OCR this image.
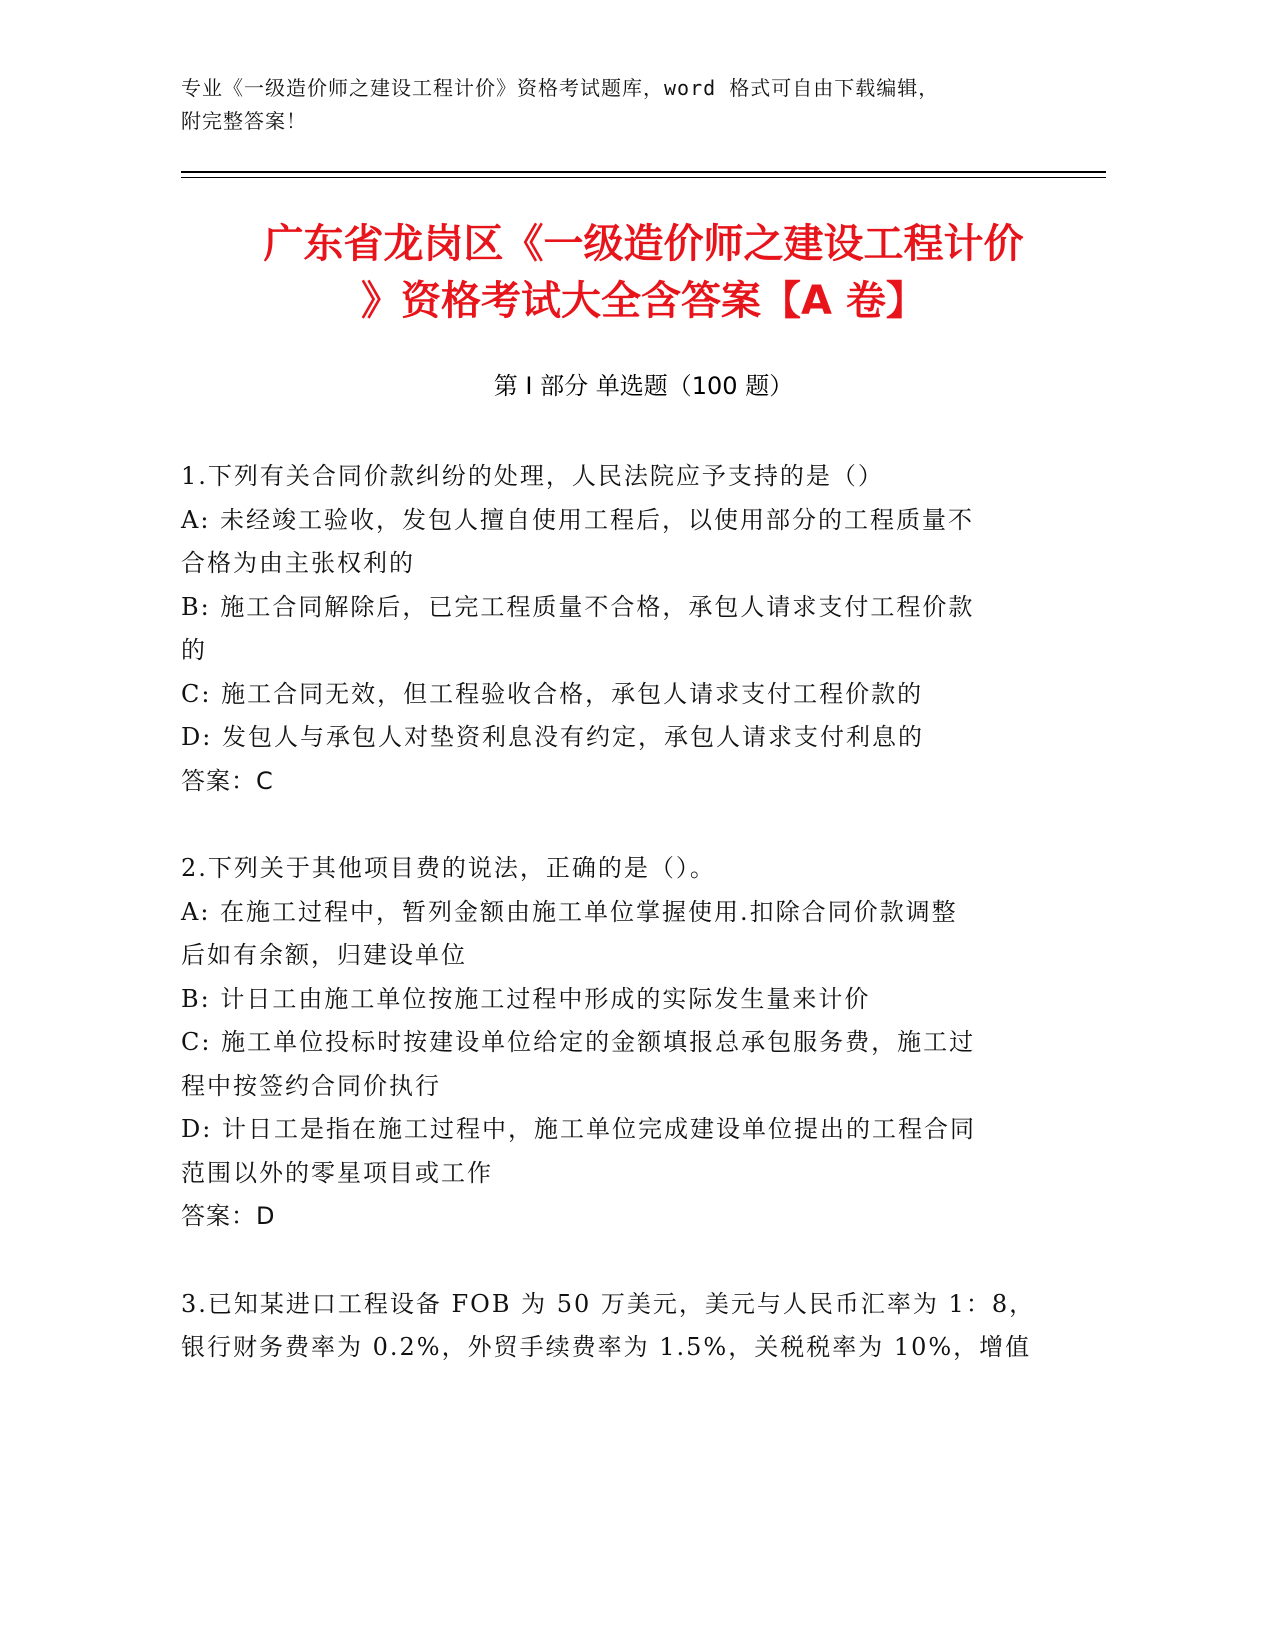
专业《一级造价师之建设工程计价》资格考试题库，word 格式可自由下载编辑，
附完整答案！
广东省龙岗区《一级造价师之建设工程计价
》资格考试大全含答案【A 卷】
第 I 部分 单选题（100 题）
1.下列有关合同价款纠纷的处理，人民法院应予支持的是（）
A: 未经竣工验收，发包人擅自使用工程后，以使用部分的工程质量不
合格为由主张权利的
B: 施工合同解除后，已完工程质量不合格，承包人请求支付工程价款
的
C: 施工合同无效，但工程验收合格，承包人请求支付工程价款的
D: 发包人与承包人对垫资利息没有约定，承包人请求支付利息的
答案：C
2.下列关于其他项目费的说法，正确的是（）。
A: 在施工过程中，暂列金额由施工单位掌握使用.扣除合同价款调整
后如有余额，归建设单位
B: 计日工由施工单位按施工过程中形成的实际发生量来计价
C: 施工单位投标时按建设单位给定的金额填报总承包服务费，施工过
程中按签约合同价执行
D: 计日工是指在施工过程中，施工单位完成建设单位提出的工程合同
范围以外的零星项目或工作
答案：D
3.已知某进口工程设备 FOB 为 50 万美元，美元与人民币汇率为 1：8，
银行财务费率为 0.2%，外贸手续费率为 1.5%，关税税率为 10%，增值
